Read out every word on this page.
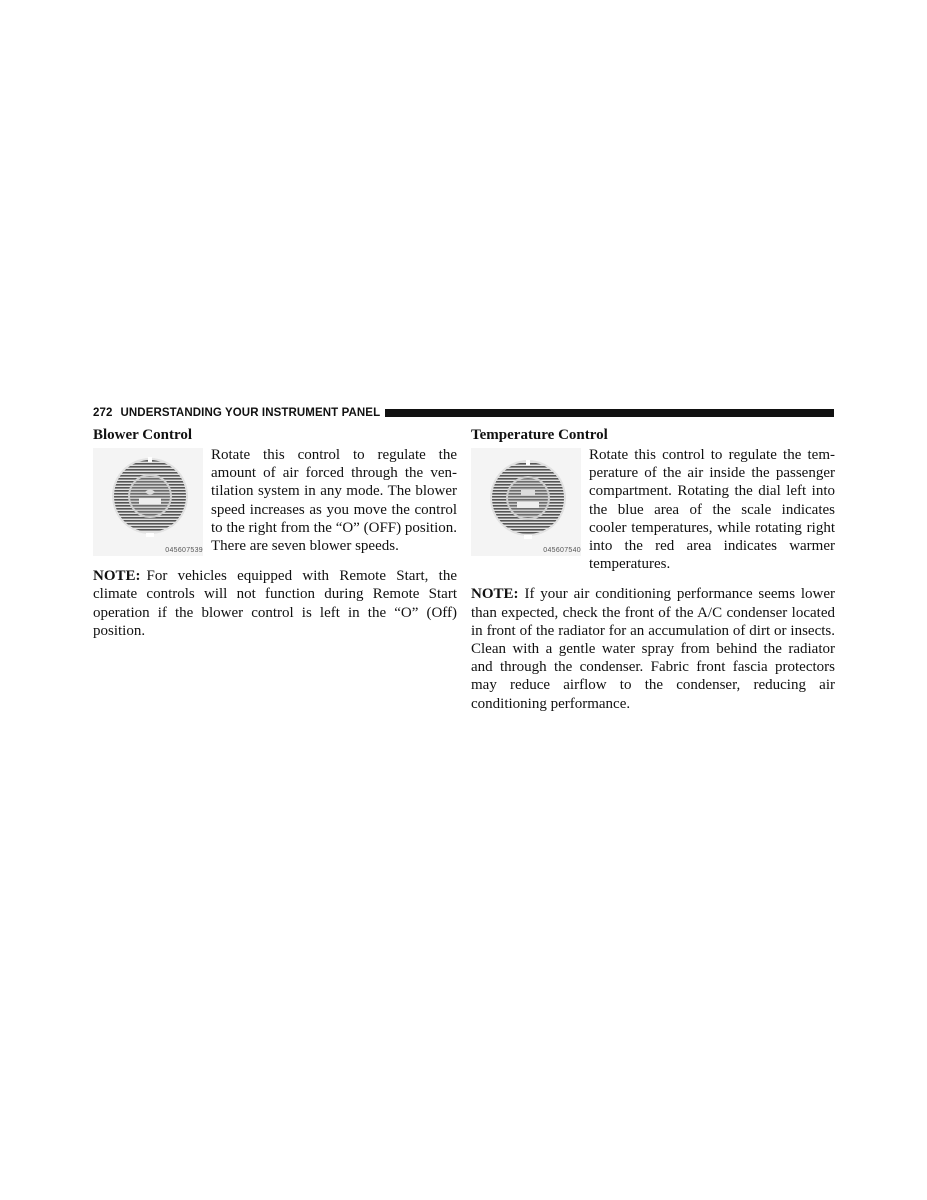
272 UNDERSTANDING YOUR INSTRUMENT PANEL
Blower Control
045607539
Rotate this control to regulate the amount of air forced through the ventilation system in any mode. The blower speed increases as you move the control to the right from the “O” (OFF) position. There are seven blower speeds.

NOTE: For vehicles equipped with Remote Start, the climate controls will not function during Remote Start operation if the blower control is left in the “O” (Off) position.

Temperature Control
045607540
Rotate this control to regulate the temperature of the air inside the passenger compartment. Rotating the dial left into the blue area of the scale indicates cooler temperatures, while rotating right into the red area indicates warmer temperatures.

NOTE: If your air conditioning performance seems lower than expected, check the front of the A/C condenser located in front of the radiator for an accumulation of dirt or insects. Clean with a gentle water spray from behind the radiator and through the condenser. Fabric front fascia protectors may reduce airflow to the condenser, reducing air conditioning performance.
